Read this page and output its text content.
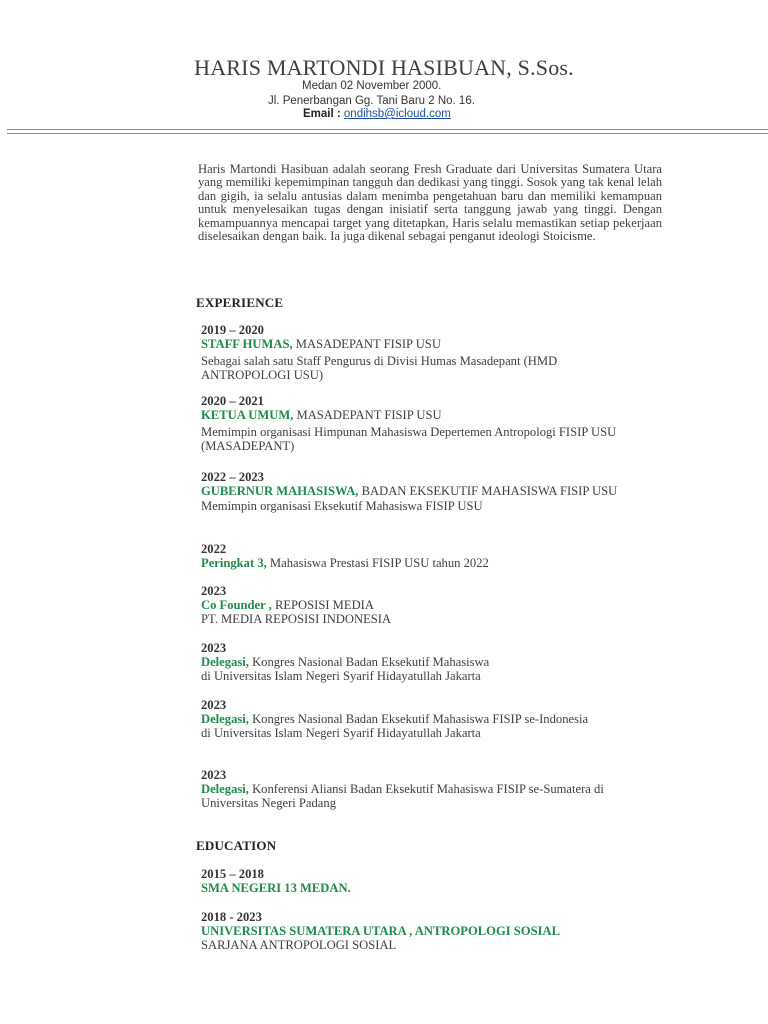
HARIS MARTONDI HASIBUAN, S.Sos.
Medan 02 November 2000.
Jl. Penerbangan Gg. Tani Baru 2 No. 16.
Email : ondihsb@icloud.com
Haris Martondi Hasibuan adalah seorang Fresh Graduate dari Universitas Sumatera Utara yang memiliki kepemimpinan tangguh dan dedikasi yang tinggi. Sosok yang tak kenal lelah dan gigih, ia selalu antusias dalam menimba pengetahuan baru dan memiliki kemampuan untuk menyelesaikan tugas dengan inisiatif serta tanggung jawab yang tinggi. Dengan kemampuannya mencapai target yang ditetapkan, Haris selalu memastikan setiap pekerjaan diselesaikan dengan baik. Ia juga dikenal sebagai penganut ideologi Stoicisme.
EXPERIENCE
2019 – 2020
STAFF HUMAS, MASADEPANT FISIP USU
Sebagai salah satu Staff Pengurus di Divisi Humas Masadepant (HMD ANTROPOLOGI USU)
2020 – 2021
KETUA UMUM, MASADEPANT FISIP USU
Memimpin organisasi Himpunan Mahasiswa Depertemen Antropologi FISIP USU (MASADEPANT)
2022 – 2023
GUBERNUR MAHASISWA, BADAN EKSEKUTIF MAHASISWA FISIP USU
Memimpin organisasi Eksekutif Mahasiswa FISIP USU
2022
Peringkat 3, Mahasiswa Prestasi FISIP USU tahun 2022
2023
Co Founder , REPOSISI MEDIA
PT. MEDIA REPOSISI INDONESIA
2023
Delegasi, Kongres Nasional Badan Eksekutif Mahasiswa
di Universitas Islam Negeri Syarif Hidayatullah Jakarta
2023
Delegasi, Kongres Nasional Badan Eksekutif Mahasiswa FISIP se-Indonesia
di Universitas Islam Negeri Syarif Hidayatullah Jakarta
2023
Delegasi, Konferensi Aliansi Badan Eksekutif Mahasiswa FISIP se-Sumatera di Universitas Negeri Padang
EDUCATION
2015 – 2018
SMA NEGERI 13 MEDAN.
2018 - 2023
UNIVERSITAS SUMATERA UTARA , ANTROPOLOGI SOSIAL
SARJANA ANTROPOLOGI SOSIAL
